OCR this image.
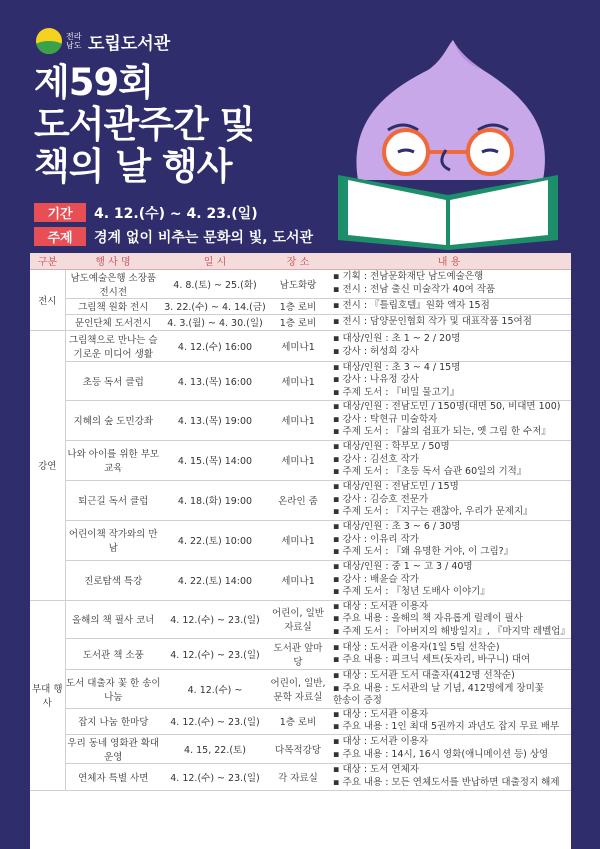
전라 남도 도립도서관
제59회
도서관주간 및
책의 날 행사
기간	4. 12.(수) ~ 4. 23.(일)
주제	경계 없이 비추는 문화의 빛, 도서관
구분	행 사 명	일 시	장 소	내 용
전시	남도예술은행 소장품 전시전	4. 8.(토) ~ 25.(화)	남도화랑	▪ 기획 : 전남문화재단 남도예술은행
▪ 전시 : 전남 출신 미술작가 40여 작품

	그림책 원화 전시	3. 22.(수) ~ 4. 14.(금)	1층 로비	▪ 전시 : 『틀립호텔』원화 액자 15점

	문인단체 도서전시	4. 3.(월) ~ 4. 30.(일)	1층 로비	▪ 전시 : 담양문인협회 작가 및 대표작품 15여점

강연	그림책으로 만나는 슬기로운 미디어 생활	4. 12.(수) 16:00	세미나1	▪ 대상/인원 : 초 1 ~ 2 / 20명
▪ 강사 : 허성희 강사

	초등 독서 클럽	4. 13.(목) 16:00	세미나1	▪ 대상/인원 : 초 3 ~ 4 / 15명
▪ 강사 : 나유정 강사
▪ 주제 도서 : 『비밀 물고기』

	지혜의 숲 도민강좌	4. 13.(목) 19:00	세미나1	▪ 대상/인원 : 전남도민 / 150명(대면 50, 비대면 100)
▪ 강사 : 탁현규 미술학자
▪ 주제 도서 : 『삶의 쉼표가 되는, 옛 그림 한 수저』

	나와 아이를 위한 부모교육	4. 15.(목) 14:00	세미나1	▪ 대상/인원 : 학부모 / 50명
▪ 강사 : 김선호 작가
▪ 주제 도서 : 『초등 독서 습관 60일의 기적』

	퇴근길 독서 클럽	4. 18.(화) 19:00	온라인 줌	▪ 대상/인원 : 전남도민 / 15명
▪ 강사 : 김승호 전문가
▪ 주제 도서 : 『지구는 괜찮아, 우리가 문제지』

	어린이책 작가와의 만남	4. 22.(토) 10:00	세미나1	▪ 대상/인원 : 초 3 ~ 6 / 30명
▪ 강사 : 이유리 작가
▪ 주제 도서 : 『왜 유명한 거야, 이 그림?』

	진로탐색 특강	4. 22.(토) 14:00	세미나1	▪ 대상/인원 : 중 1 ~ 고 3 / 40명
▪ 강사 : 배윤슬 작가
▪ 주제 도서 : 『청년 도배사 이야기』

부대 행사	올해의 책 필사 코너	4. 12.(수) ~ 23.(일)	어린이, 일반자료실	▪ 대상 : 도서관 이용자
▪ 주요 내용 : 올해의 책 자유롭게 릴레이 필사
▪ 주제 도서 : 『아버지의 해방일지』, 『마지막 레벨업』

	도서관 책 소풍	4. 12.(수) ~ 23.(일)	도서관 앞마당	▪ 대상 : 도서관 이용자(1일 5팀 선착순)
▪ 주요 내용 : 피크닉 세트(돗자리, 바구니) 대여

	도서 대출자 꽃 한 송이 나눔	4. 12.(수) ~	어린이, 일반, 문학 자료실	▪ 대상 : 도서관 도서 대출자(412명 선착순)
▪ 주요 내용 : 도서관의 날 기념, 412명에게 장미꽃
한송이 증정

	잡지 나눔 한마당	4. 12.(수) ~ 23.(일)	1층 로비	▪ 대상 : 도서관 이용자
▪ 주요 내용 : 1인 최대 5권까지 과년도 잡지 무료 배부

	우리 동네 영화관 확대 운영	4. 15, 22.(토)	다목적강당	▪ 대상 : 도서관 이용자
▪ 주요 내용 : 14시, 16시 영화(애니메이션 등) 상영

	연체자 특별 사면	4. 12.(수) ~ 23.(일)	각 자료실	▪ 대상 : 도서 연체자
▪ 주요 내용 : 모든 연체도서를 반납하면 대출정지 해제
우리일보
